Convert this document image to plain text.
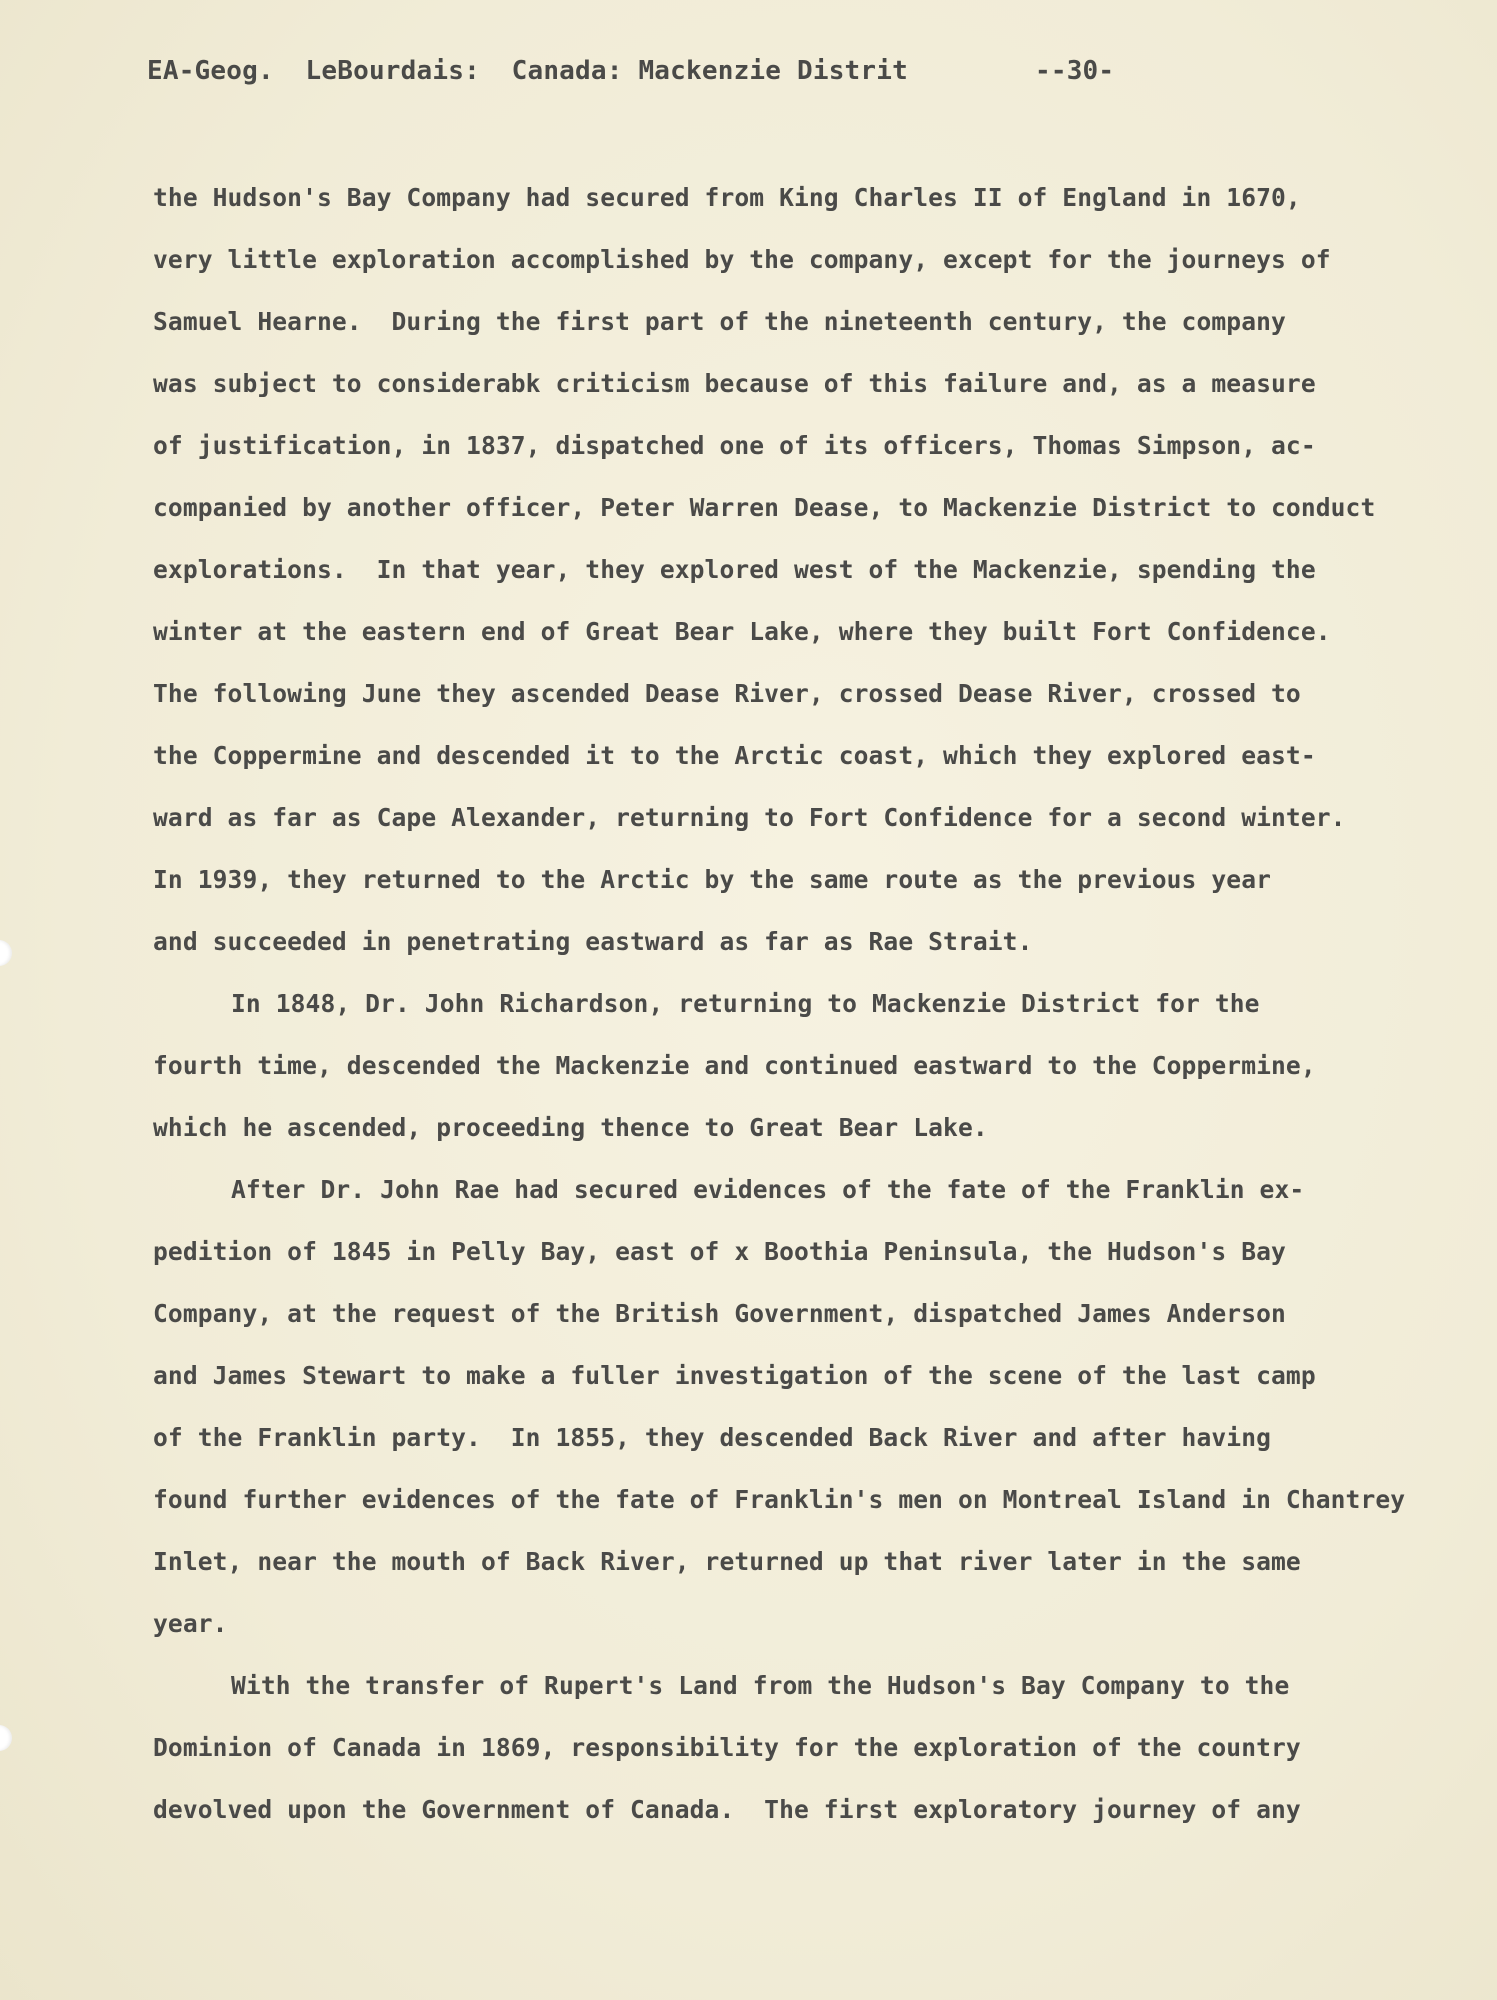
EA-Geog.  LeBourdais:  Canada: Mackenzie Distrit

	--30-

the Hudson's Bay Company had secured from King Charles II of England in 1670,
very little exploration accomplished by the company, except for the journeys of
Samuel Hearne.  During the first part of the nineteenth century, the company
was subject to considerabk criticism because of this failure and, as a measure
of justification, in 1837, dispatched one of its officers, Thomas Simpson, ac-
companied by another officer, Peter Warren Dease, to Mackenzie District to conduct
explorations.  In that year, they explored west of the Mackenzie, spending the
winter at the eastern end of Great Bear Lake, where they built Fort Confidence.
The following June they ascended Dease River, crossed Dease River, crossed to
the Coppermine and descended it to the Arctic coast, which they explored east-
ward as far as Cape Alexander, returning to Fort Confidence for a second winter.
In 1939, they returned to the Arctic by the same route as the previous year
and succeeded in penetrating eastward as far as Rae Strait.
In 1848, Dr. John Richardson, returning to Mackenzie District for the
fourth time, descended the Mackenzie and continued eastward to the Coppermine,
which he ascended, proceeding thence to Great Bear Lake.
After Dr. John Rae had secured evidences of the fate of the Franklin ex-
pedition of 1845 in Pelly Bay, east of x Boothia Peninsula, the Hudson's Bay
Company, at the request of the British Government, dispatched James Anderson
and James Stewart to make a fuller investigation of the scene of the last camp
of the Franklin party.  In 1855, they descended Back River and after having
found further evidences of the fate of Franklin's men on Montreal Island in Chantrey
Inlet, near the mouth of Back River, returned up that river later in the same
year.
With the transfer of Rupert's Land from the Hudson's Bay Company to the
Dominion of Canada in 1869, responsibility for the exploration of the country
devolved upon the Government of Canada.  The first exploratory journey of any
